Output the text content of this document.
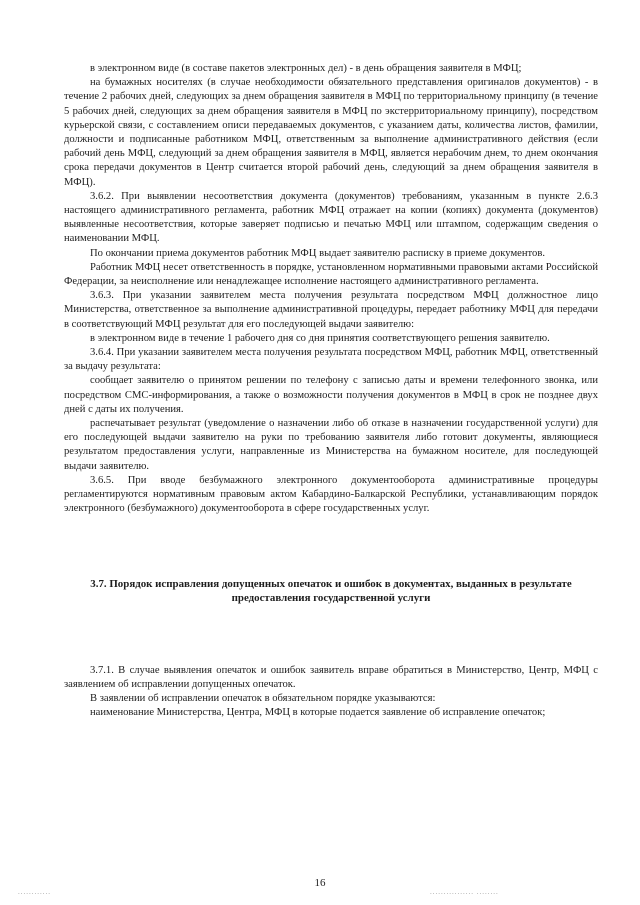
в электронном виде (в составе пакетов электронных дел) - в день обращения заявителя в МФЦ;

на бумажных носителях (в случае необходимости обязательного представления оригиналов документов) - в течение 2 рабочих дней, следующих за днем обращения заявителя в МФЦ по территориальному принципу (в течение 5 рабочих дней, следующих за днем обращения заявителя в МФЦ по экстерриториальному принципу), посредством курьерской связи, с составлением описи передаваемых документов, с указанием даты, количества листов, фамилии, должности и подписанные работником МФЦ, ответственным за выполнение административного действия (если рабочий день МФЦ, следующий за днем обращения заявителя в МФЦ, является нерабочим днем, то днем окончания срока передачи документов в Центр считается второй рабочий день, следующий за днем обращения заявителя в МФЦ).

3.6.2. При выявлении несоответствия документа (документов) требованиям, указанным в пункте 2.6.3 настоящего административного регламента, работник МФЦ отражает на копии (копиях) документа (документов) выявленные несоответствия, которые заверяет подписью и печатью МФЦ или штампом, содержащим сведения о наименовании МФЦ.

По окончании приема документов работник МФЦ выдает заявителю расписку в приеме документов.

Работник МФЦ несет ответственность в порядке, установленном нормативными правовыми актами Российской Федерации, за неисполнение или ненадлежащее исполнение настоящего административного регламента.

3.6.3. При указании заявителем места получения результата посредством МФЦ должностное лицо Министерства, ответственное за выполнение административной процедуры, передает работнику МФЦ для передачи в соответствующий МФЦ результат для его последующей выдачи заявителю:

в электронном виде в течение 1 рабочего дня со дня принятия соответствующего решения заявителю.

3.6.4. При указании заявителем места получения результата посредством МФЦ, работник МФЦ, ответственный за выдачу результата:

сообщает заявителю о принятом решении по телефону с записью даты и времени телефонного звонка, или посредством СМС-информирования, а также о возможности получения документов в МФЦ в срок не позднее двух дней с даты их получения.

распечатывает результат (уведомление о назначении либо об отказе в назначении государственной услуги) для его последующей выдачи заявителю на руки по требованию заявителя либо готовит документы, являющиеся результатом предоставления услуги, направленные из Министерства на бумажном носителе, для последующей выдачи заявителю.

3.6.5. При вводе безбумажного электронного документооборота административные процедуры регламентируются нормативным правовым актом Кабардино-Балкарской Республики, устанавливающим порядок электронного (безбумажного) документооборота в сфере государственных услуг.

3.7. Порядок исправления допущенных опечаток и ошибок в документах, выданных в результате предоставления государственной услуги

3.7.1. В случае выявления опечаток и ошибок заявитель вправе обратиться в Министерство, Центр, МФЦ с заявлением об исправлении допущенных опечаток.

В заявлении об исправлении опечаток в обязательном порядке указываются:

наименование Министерства, Центра, МФЦ в которые подается заявление об исправление опечаток;

16
............	................ ........
